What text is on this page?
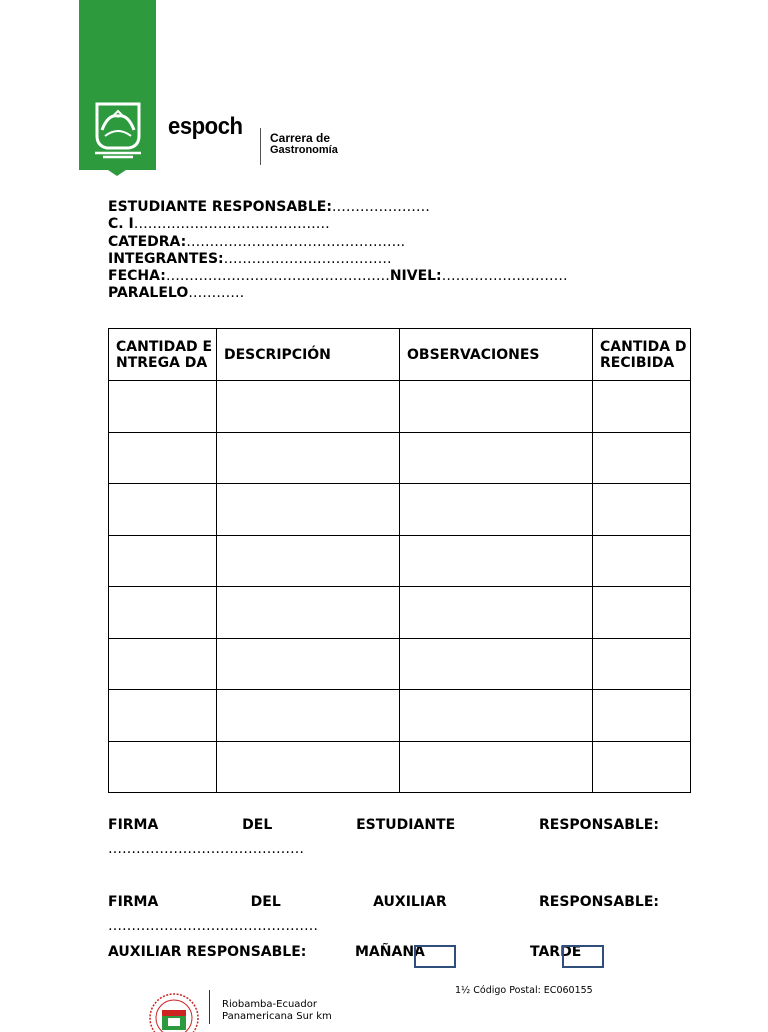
espoch Carrera de
Gastronomía
ESTUDIANTE RESPONSABLE:…………………
C. I……………………………………
CATEDRA:………………………………………..
INTEGRANTES:………………………………
FECHA:…………………………………………NIVEL:………………………
PARALELO…………
CANTIDAD ENTREGA DA	DESCRIPCIÓN	OBSERVACIONES	CANTIDA D RECIBIDA

FIRMA	DEL	ESTUDIANTE	RESPONSABLE:
……………………………………
FIRMA	DEL	AUXILIAR	RESPONSABLE:
………………………………………
AUXILIAR RESPONSABLE:	MAÑANA	TARDE
1½ Código Postal: EC060155
Riobamba-Ecuador
Panamericana Sur km
